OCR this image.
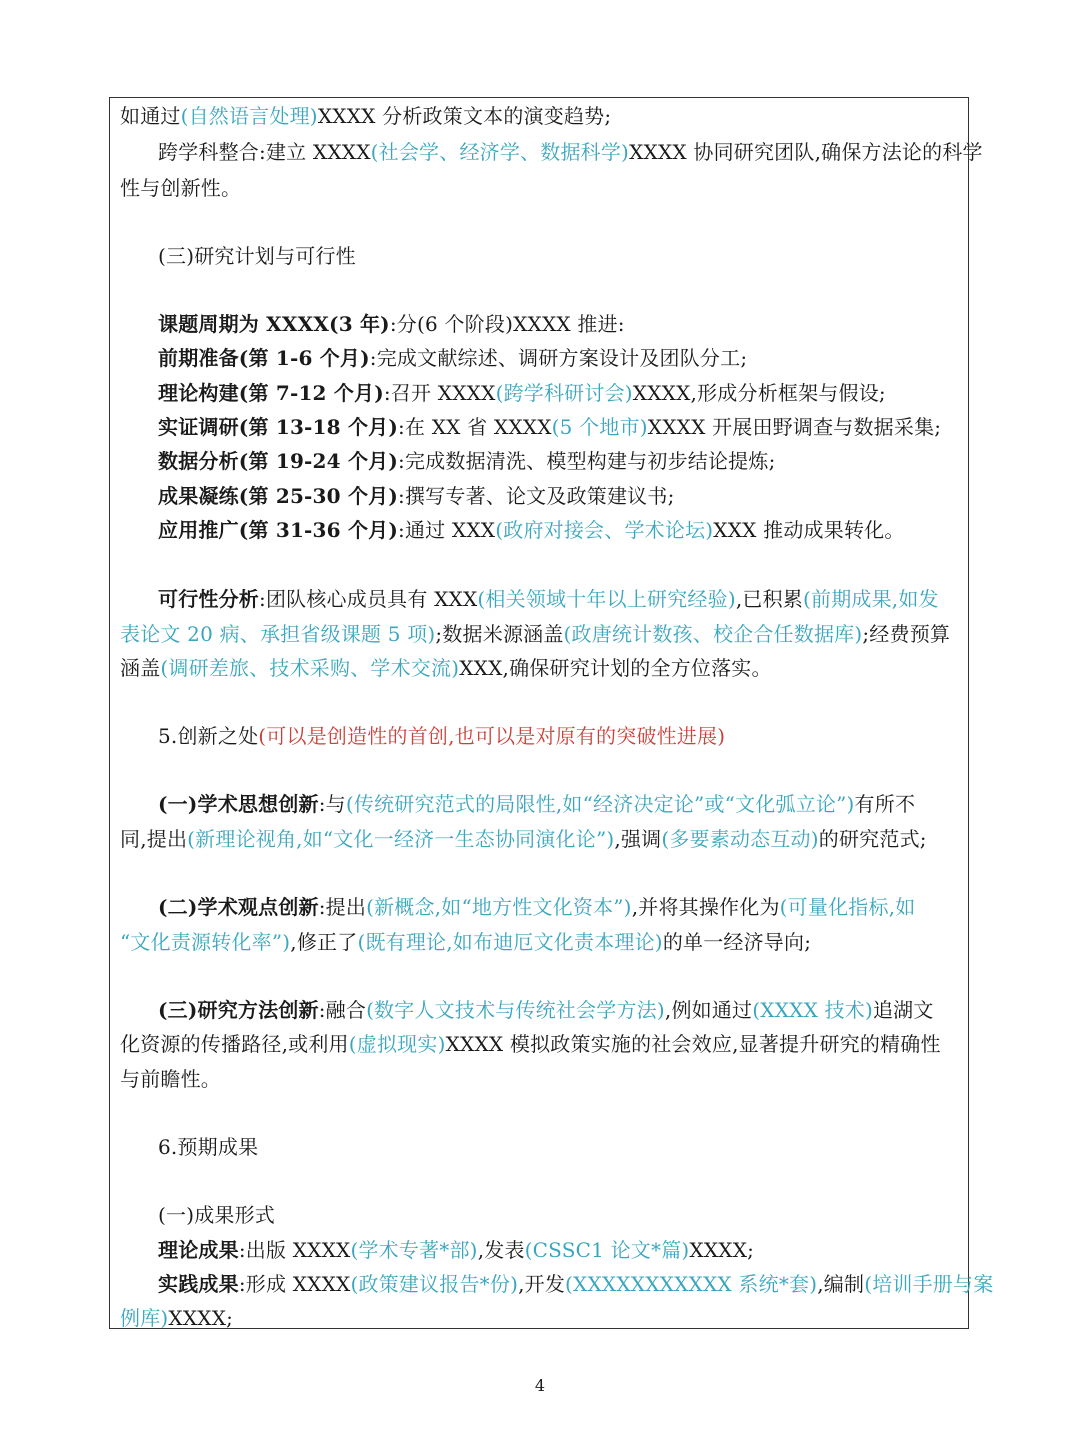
如通过(自然语言处理)XXXX 分析政策文本的演变趋势;
跨学科整合:建立 XXXX(社会学、经济学、数据科学)XXXX 协同研究团队,确保方法论的科学
性与创新性。
(三)研究计划与可行性
课题周期为 XXXX(3 年):分(6 个阶段)XXXX 推进:
前期准备(第 1-6 个月):完成文献综述、调研方案设计及团队分工;
理论构建(第 7-12 个月):召开 XXXX(跨学科研讨会)XXXX,形成分析框架与假设;
实证调研(第 13-18 个月):在 XX 省 XXXX(5 个地市)XXXX 开展田野调查与数据采集;
数据分析(第 19-24 个月):完成数据清洗、模型构建与初步结论提炼;
成果凝练(第 25-30 个月):撰写专著、论文及政策建议书;
应用推广(第 31-36 个月):通过 XXX(政府对接会、学术论坛)XXX 推动成果转化。
可行性分析:团队核心成员具有 XXX(相关领域十年以上研究经验),已积累(前期成果,如发
表论文 20 病、承担省级课题 5 项);数据米源涵盖(政唐统计数孩、校企合任数据库);经费预算
涵盖(调研差旅、技术采购、学术交流)XXX,确保研究计划的全方位落实。
5.创新之处(可以是创造性的首创,也可以是对原有的突破性进展)
(一)学术思想创新:与(传统研究范式的局限性,如“经济决定论”或“文化弧立论”)有所不
同,提出(新理论视角,如“文化一经济一生态协同演化论”),强调(多要素动态互动)的研究范式;
(二)学术观点创新:提出(新概念,如“地方性文化资本”),并将其操作化为(可量化指标,如
“文化责源转化率”),修正了(既有理论,如布迪厄文化责本理论)的单一经济导向;
(三)研究方法创新:融合(数字人文技术与传统社会学方法),例如通过(XXXX 技术)追湖文
化资源的传播路径,或利用(虚拟现实)XXXX 模拟政策实施的社会效应,显著提升研究的精确性
与前瞻性。
6.预期成果
(一)成果形式
理论成果:出版 XXXX(学术专著*部),发表(CSSC1 论文*篇)XXXX;
实践成果:形成 XXXX(政策建议报告*份),开发(XXXXXXXXXXX 系统*套),编制(培训手册与案
例库)XXXX;
4
